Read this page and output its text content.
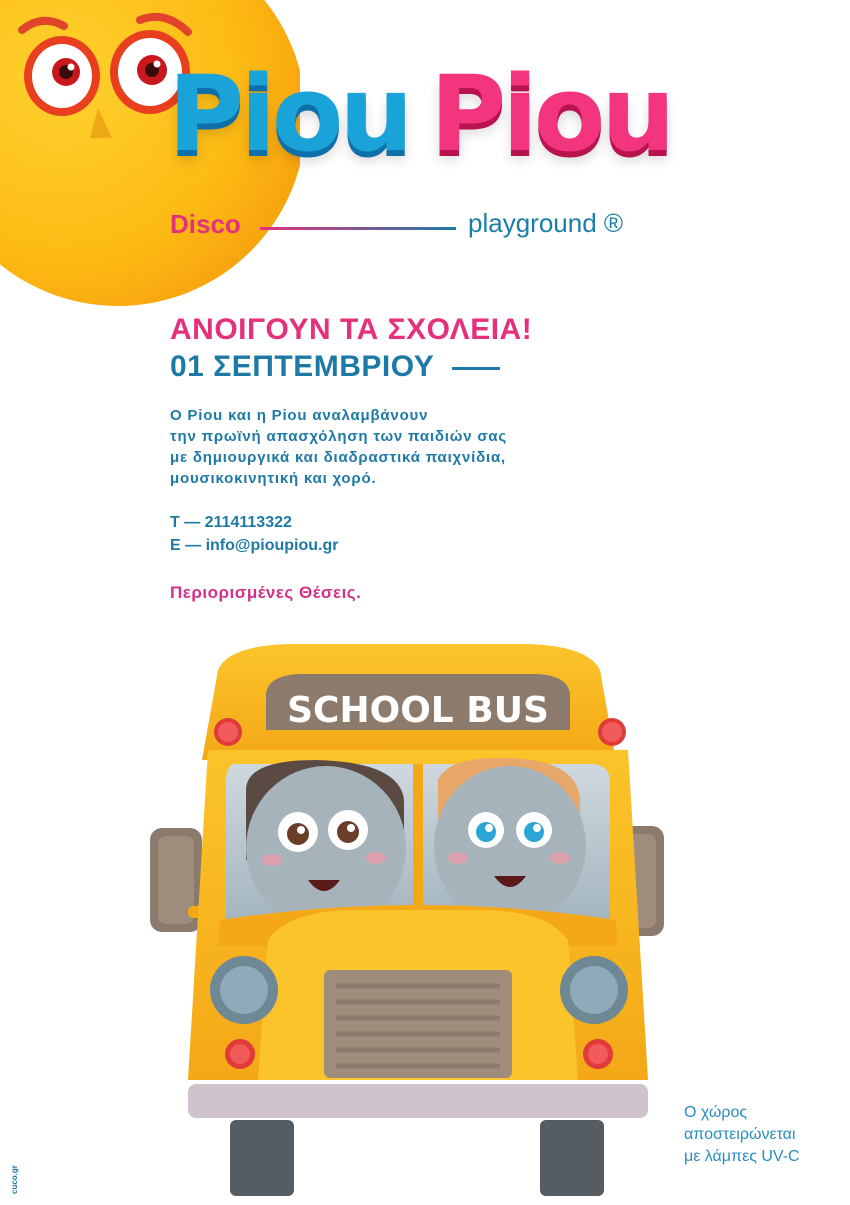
Piou Piou
Disco	playground ®
ΑΝΟΙΓΟΥΝ ΤΑ ΣΧΟΛΕΙΑ!
01 ΣΕΠΤΕΜΒΡΙΟΥ
Ο Piou και η Piou αναλαμβάνουν
την πρωϊνή απασχόληση των παιδιών σας
με δημιουργικά και διαδραστικά παιχνίδια,
μουσικοκινητική και χορό.
T — 2114113322
E — info@pioupiou.gr
Περιορισμένες Θέσεις.
SCHOOL BUS
Ο χώρος
αποστειρώνεται
με λάμπες UV-C
cuco.gr
